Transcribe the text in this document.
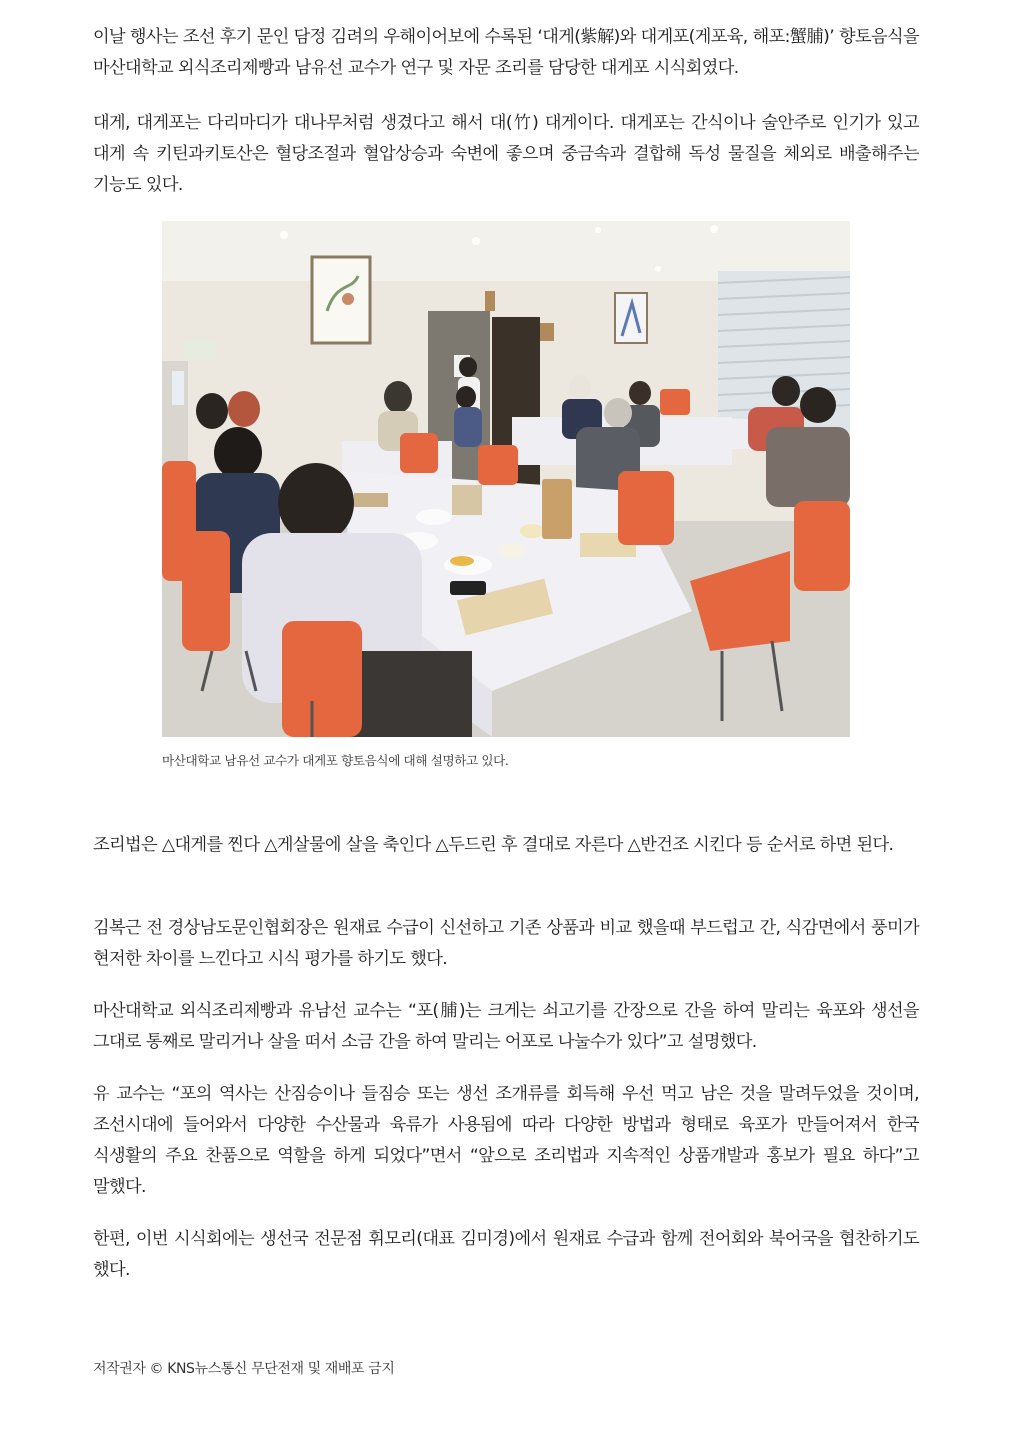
이날 행사는 조선 후기 문인 담정 김려의 우해이어보에 수록된 ‘대게(紫解)와 대게포(게포육, 해포:蟹脯)’ 향토음식을 마산대학교 외식조리제빵과 남유선 교수가 연구 및 자문 조리를 담당한 대게포 시식회였다.

대게, 대게포는 다리마디가 대나무처럼 생겼다고 해서 대(竹) 대게이다. 대게포는 간식이나 술안주로 인기가 있고 대게 속 키틴과키토산은 혈당조절과 혈압상승과 숙변에 좋으며 중금속과 결합해 독성 물질을 체외로 배출해주는 기능도 있다.

마산대학교 남유선 교수가 대게포 향토음식에 대해 설명하고 있다.

조리법은 △대게를 찐다 △게살물에 살을 축인다 △두드린 후 결대로 자른다 △반건조 시킨다 등 순서로 하면 된다.

김복근 전 경상남도문인협회장은 원재료 수급이 신선하고 기존 상품과 비교 했을때 부드럽고 간, 식감면에서 풍미가 현저한 차이를 느낀다고 시식 평가를 하기도 했다.

마산대학교 외식조리제빵과 유남선 교수는 “포(脯)는 크게는 쇠고기를 간장으로 간을 하여 말리는 육포와 생선을 그대로 통째로 말리거나 살을 떠서 소금 간을 하여 말리는 어포로 나눌수가 있다”고 설명했다.

유 교수는 “포의 역사는 산짐승이나 들짐승 또는 생선 조개류를 회득해 우선 먹고 남은 것을 말려두었을 것이며, 조선시대에 들어와서 다양한 수산물과 육류가 사용됨에 따라 다양한 방법과 형태로 육포가 만들어져서 한국 식생활의 주요 찬품으로 역할을 하게 되었다”면서 “앞으로 조리법과 지속적인 상품개발과 홍보가 필요 하다”고 말했다.

한편, 이번 시식회에는 생선국 전문점 휘모리(대표 김미경)에서 원재료 수급과 함께 전어회와 북어국을 협찬하기도 했다.

저작권자 © KNS뉴스통신 무단전재 및 재배포 금지
